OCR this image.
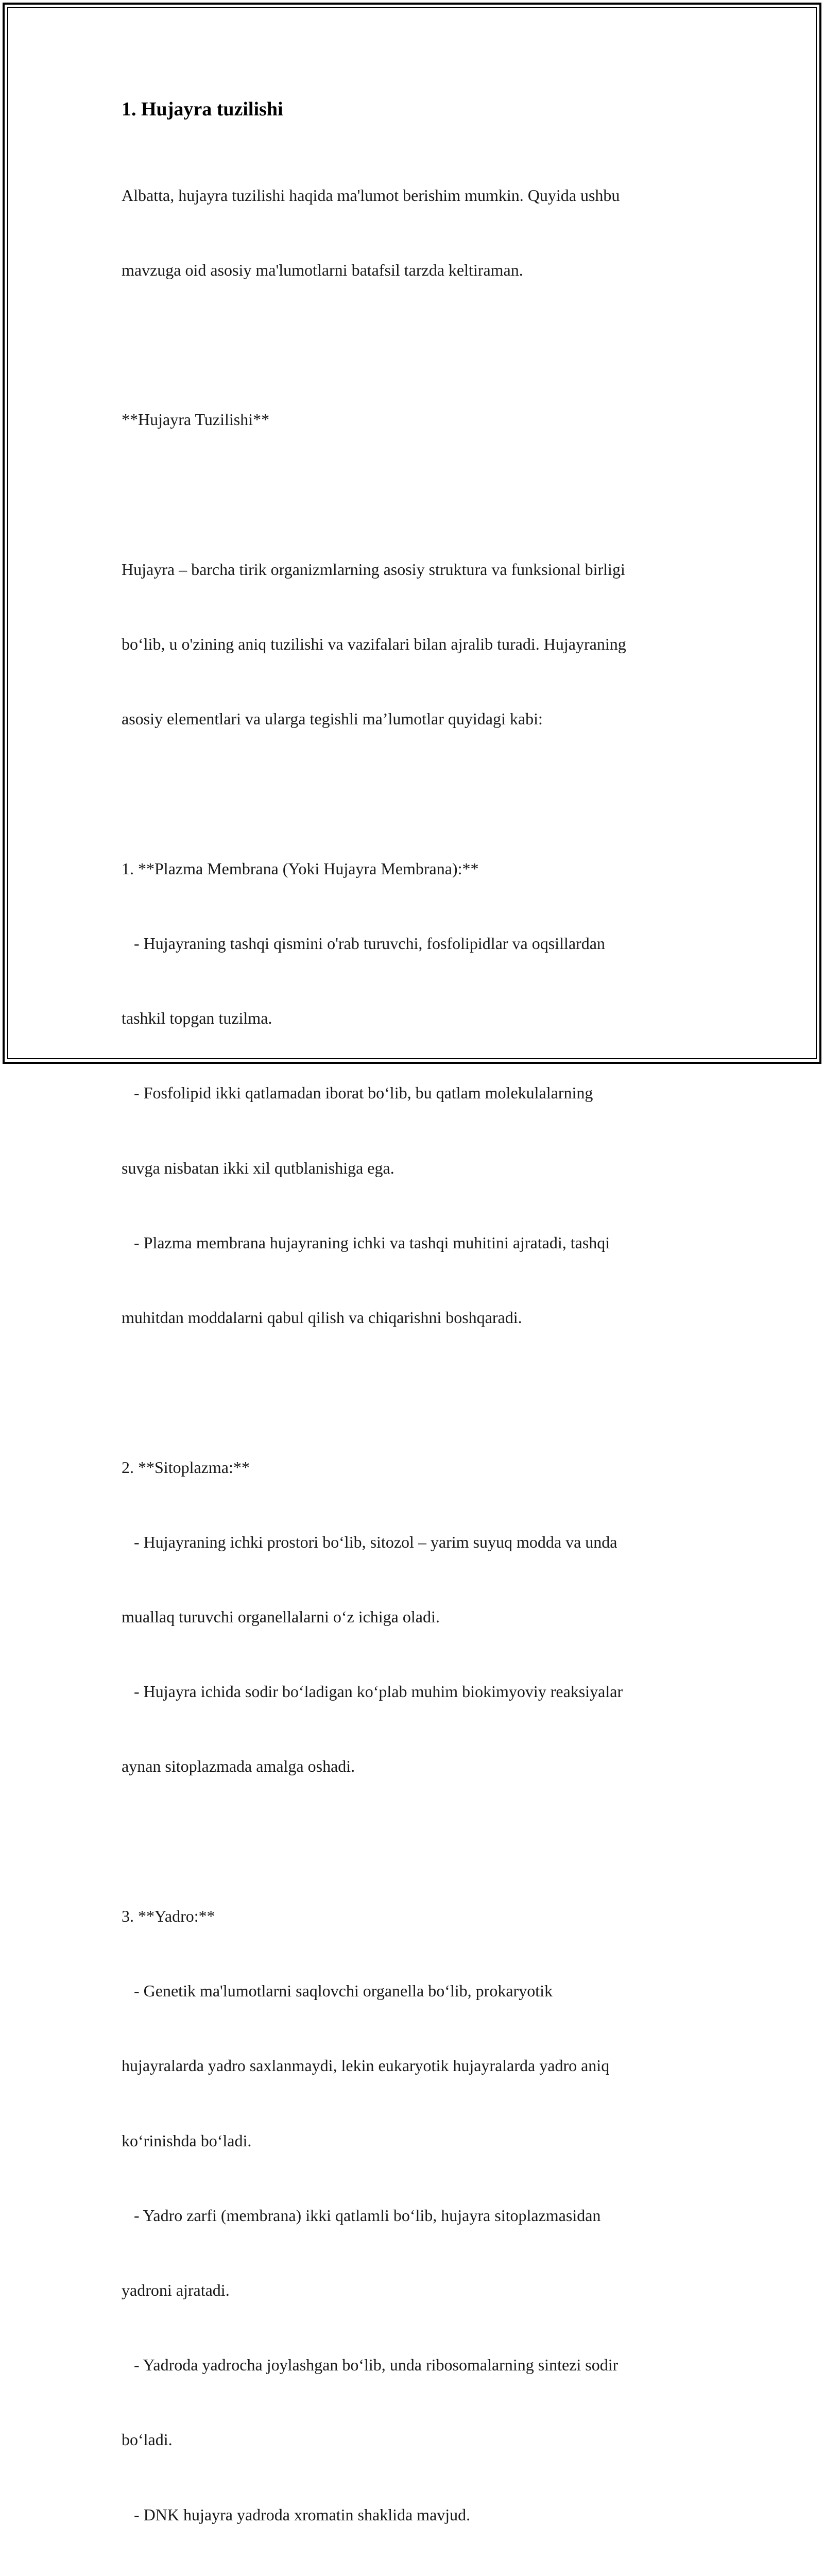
1. Hujayra tuzilishi

Albatta, hujayra tuzilishi haqida ma'lumot berishim mumkin. Quyida ushbu

mavzuga oid asosiy ma'lumotlarni batafsil tarzda keltiraman.

**Hujayra Tuzilishi**

Hujayra – barcha tirik organizmlarning asosiy struktura va funksional birligi

bo‘lib, u o'zining aniq tuzilishi va vazifalari bilan ajralib turadi. Hujayraning

asosiy elementlari va ularga tegishli ma’lumotlar quyidagi kabi:

1. **Plazma Membrana (Yoki Hujayra Membrana):**

- Hujayraning tashqi qismini o'rab turuvchi, fosfolipidlar va oqsillardan

tashkil topgan tuzilma.

- Fosfolipid ikki qatlamadan iborat bo‘lib, bu qatlam molekulalarning

suvga nisbatan ikki xil qutblanishiga ega.

- Plazma membrana hujayraning ichki va tashqi muhitini ajratadi, tashqi

muhitdan moddalarni qabul qilish va chiqarishni boshqaradi.

2. **Sitoplazma:**

- Hujayraning ichki prostori bo‘lib, sitozol – yarim suyuq modda va unda

muallaq turuvchi organellalarni o‘z ichiga oladi.

- Hujayra ichida sodir bo‘ladigan ko‘plab muhim biokimyoviy reaksiyalar

aynan sitoplazmada amalga oshadi.

3. **Yadro:**

- Genetik ma'lumotlarni saqlovchi organella bo‘lib, prokaryotik

hujayralarda yadro saxlanmaydi, lekin eukaryotik hujayralarda yadro aniq

ko‘rinishda bo‘ladi.

- Yadro zarfi (membrana) ikki qatlamli bo‘lib, hujayra sitoplazmasidan

yadroni ajratadi.

- Yadroda yadrocha joylashgan bo‘lib, unda ribosomalarning sintezi sodir

bo‘ladi.

- DNK hujayra yadroda xromatin shaklida mavjud.
